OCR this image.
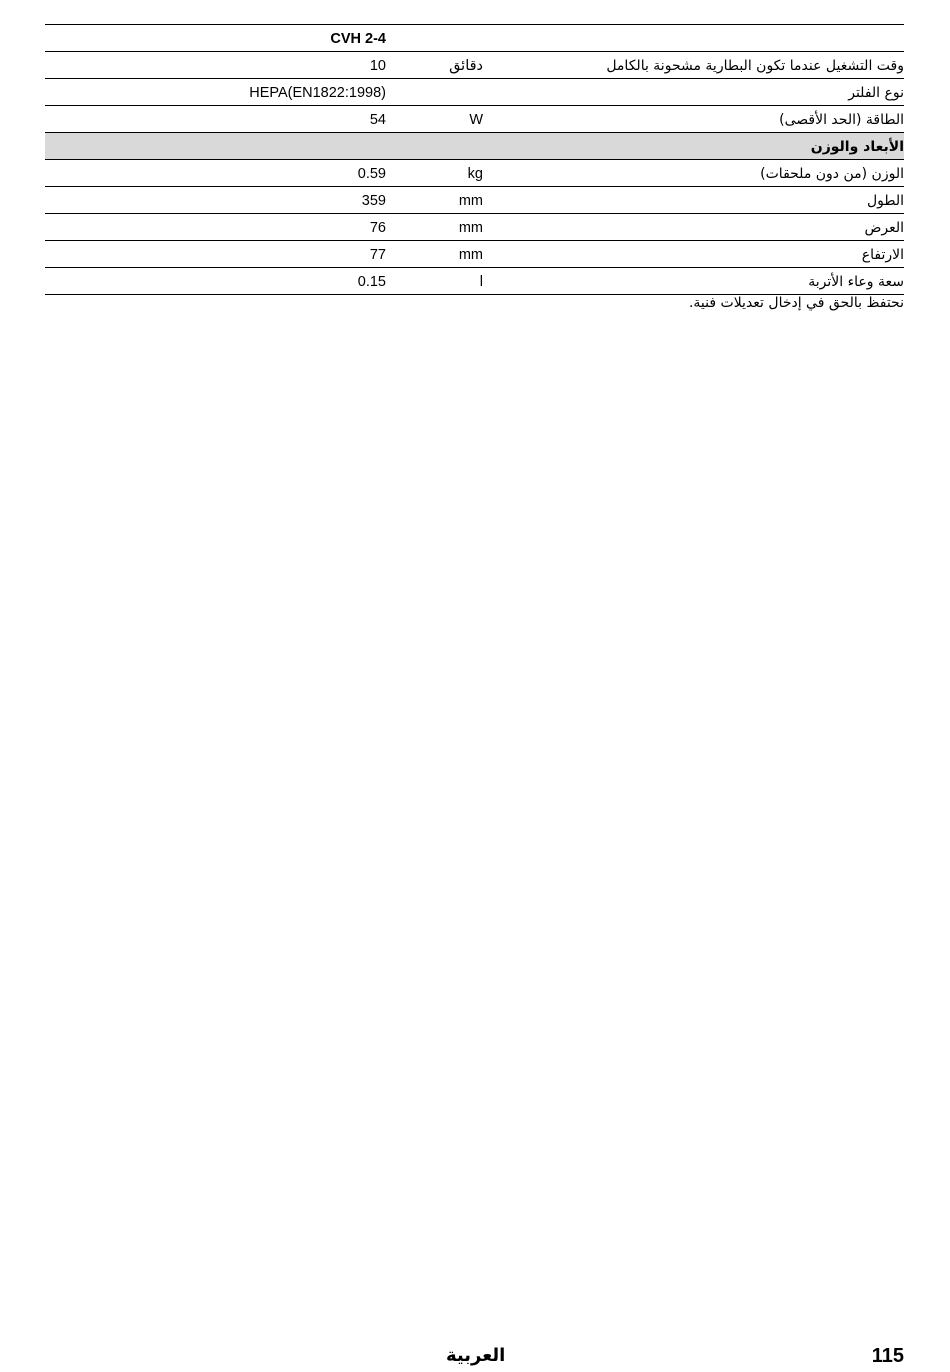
CVH 2-4
10	دقائق	وقت التشغيل عندما تكون البطارية مشحونة بالكامل
HEPA(EN1822:1998)	نوع الفلتر
54	W	الطاقة (الحد الأقصى)
الأبعاد والوزن
0.59	kg	الوزن (من دون ملحقات)
359	mm	الطول
76	mm	العرض
77	mm	الارتفاع
0.15	l	سعة وعاء الأتربة
نحتفظ بالحق في إدخال تعديلات فنية.
العربية	115
